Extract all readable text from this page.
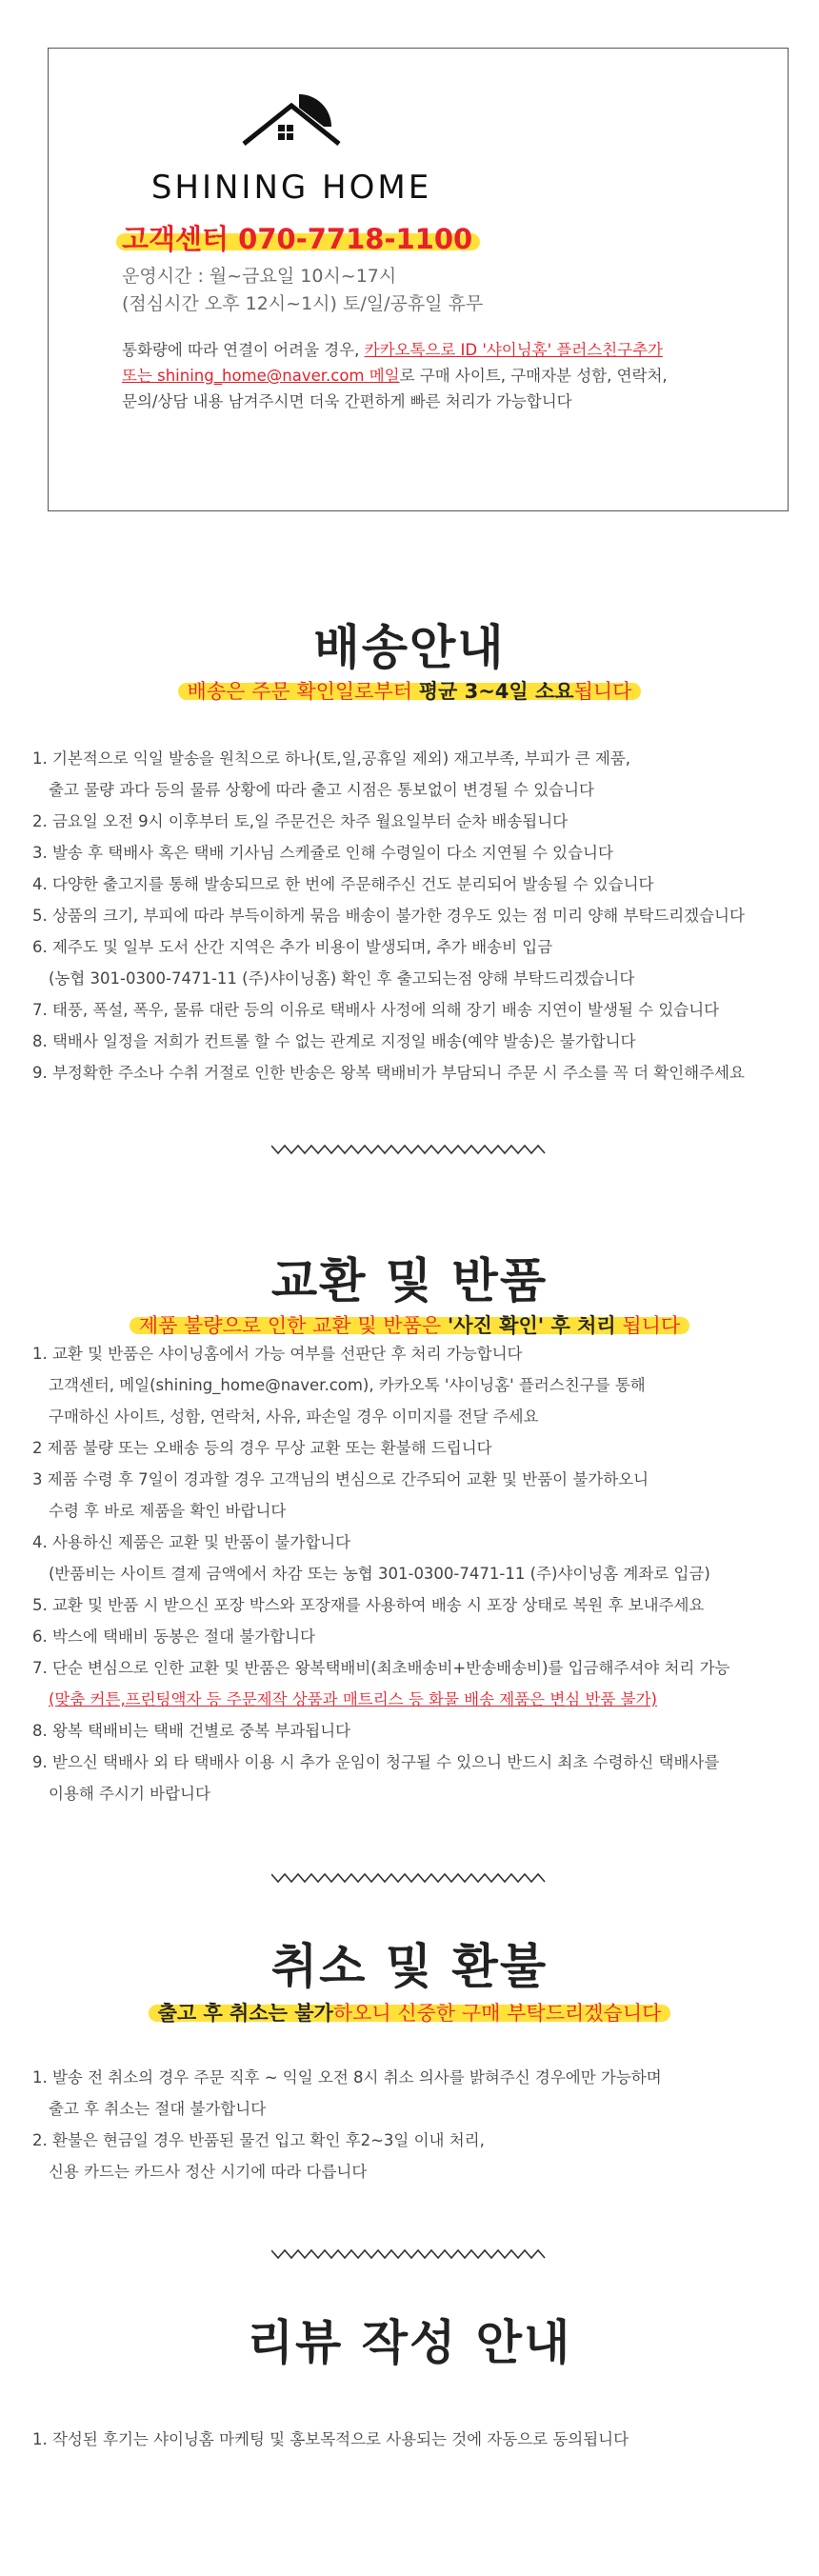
SHINING HOME
고객센터 070-7718-1100
운영시간 : 월~금요일 10시~17시
(점심시간 오후 12시~1시) 토/일/공휴일 휴무
통화량에 따라 연결이 어려울 경우, 카카오톡으로 ID '샤이닝홈' 플러스친구추가
또는 shining_home@naver.com 메일로 구매 사이트, 구매자분 성함, 연락처,
문의/상담 내용 남겨주시면 더욱 간편하게 빠른 처리가 가능합니다
배송안내
배송은 주문 확인일로부터 평균 3~4일 소요됩니다
1. 기본적으로 익일 발송을 원칙으로 하나(토,일,공휴일 제외) 재고부족, 부피가 큰 제품,
출고 물량 과다 등의 물류 상황에 따라 출고 시점은 통보없이 변경될 수 있습니다
2. 금요일 오전 9시 이후부터 토,일 주문건은 차주 월요일부터 순차 배송됩니다
3. 발송 후 택배사 혹은 택배 기사님 스케쥴로 인해 수령일이 다소 지연될 수 있습니다
4. 다양한 출고지를 통해 발송되므로 한 번에 주문해주신 건도 분리되어 발송될 수 있습니다
5. 상품의 크기, 부피에 따라 부득이하게 묶음 배송이 불가한 경우도 있는 점 미리 양해 부탁드리겠습니다
6. 제주도 및 일부 도서 산간 지역은 추가 비용이 발생되며, 추가 배송비 입금
(농협 301-0300-7471-11 (주)샤이닝홈) 확인 후 출고되는점 양해 부탁드리겠습니다
7. 태풍, 폭설, 폭우, 물류 대란 등의 이유로 택배사 사정에 의해 장기 배송 지연이 발생될 수 있습니다
8. 택배사 일정을 저희가 컨트롤 할 수 없는 관계로 지정일 배송(예약 발송)은 불가합니다
9. 부정확한 주소나 수취 거절로 인한 반송은 왕복 택배비가 부담되니 주문 시 주소를 꼭 더 확인해주세요
교환 및 반품
제품 불량으로 인한 교환 및 반품은 '사진 확인' 후 처리 됩니다
1. 교환 및 반품은 샤이닝홈에서 가능 여부를 선판단 후 처리 가능합니다
고객센터, 메일(shining_home@naver.com), 카카오톡 '샤이닝홈' 플러스친구를 통해
구매하신 사이트, 성함, 연락처, 사유, 파손일 경우 이미지를 전달 주세요
2 제품 불량 또는 오배송 등의 경우 무상 교환 또는 환불해 드립니다
3 제품 수령 후 7일이 경과할 경우 고객님의 변심으로 간주되어 교환 및 반품이 불가하오니
수령 후 바로 제품을 확인 바랍니다
4. 사용하신 제품은 교환 및 반품이 불가합니다
(반품비는 사이트 결제 금액에서 차감 또는 농협 301-0300-7471-11 (주)샤이닝홈 계좌로 입금)
5. 교환 및 반품 시 받으신 포장 박스와 포장재를 사용하여 배송 시 포장 상태로 복원 후 보내주세요
6. 박스에 택배비 동봉은 절대 불가합니다
7. 단순 변심으로 인한 교환 및 반품은 왕복택배비(최초배송비+반송배송비)를 입금해주셔야 처리 가능
(맞춤 커튼,프린팅액자 등 주문제작 상품과 매트리스 등 화물 배송 제품은 변심 반품 불가)
8. 왕복 택배비는 택배 건별로 중복 부과됩니다
9. 받으신 택배사 외 타 택배사 이용 시 추가 운임이 청구될 수 있으니 반드시 최초 수령하신 택배사를
이용해 주시기 바랍니다
취소 및 환불
출고 후 취소는 불가하오니 신중한 구매 부탁드리겠습니다
1. 발송 전 취소의 경우 주문 직후 ~ 익일 오전 8시 취소 의사를 밝혀주신 경우에만 가능하며
출고 후 취소는 절대 불가합니다
2. 환불은 현금일 경우 반품된 물건 입고 확인 후2~3일 이내 처리,
신용 카드는 카드사 정산 시기에 따라 다릅니다
리뷰 작성 안내
1. 작성된 후기는 샤이닝홈 마케팅 및 홍보목적으로 사용되는 것에 자동으로 동의됩니다
